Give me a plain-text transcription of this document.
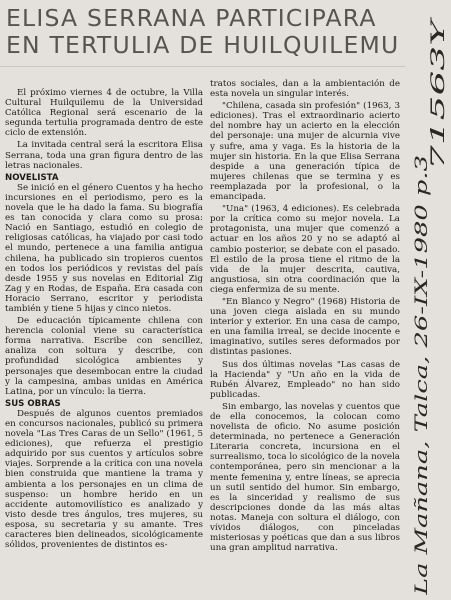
ELISA SERRANA PARTICIPARA
EN TERTULIA DE HUILQUILEMU

El próximo viernes 4 de octubre, la Villa Cultural Huilquilemu de la Universidad Católica Regional será escenario de la segunda tertulia programada dentro de este ciclo de extensión.

La invitada central será la escritora Elisa Serrana, toda una gran figura dentro de las letras nacionales.

NOVELISTA

Se inició en el género Cuentos y ha hecho incursiones en el periodismo, pero es la novela que le ha dado la fama. Su biografía es tan conocida y clara como su prosa: Nació en Santiago, estudió en colegio de religiosas católicas, ha viajado por casi todo el mundo, pertenece a una familia antigua chilena, ha publicado sin tropieros cuentos en todos los periódicos y revistas del país desde 1955 y sus novelas en Editorial Zig Zag y en Rodas, de España. Era casada con Horacio Serrano, escritor y periodista también y tiene 5 hijas y cinco nietos.

De educación típicamente chilena con herencia colonial viene su característica forma narrativa. Escribe con sencillez, analiza con soltura y describe, con profundidad sicológica ambientes y personajes que desembocan entre la ciudad y la campesina, ambas unidas en América Latina, por un vínculo: la tierra.

SUS OBRAS

Después de algunos cuentos premiados en concursos nacionales, publicó su primera novela "Las Tres Caras de un Sello" (1961, 5 ediciones), que refuerza el prestigio adquirido por sus cuentos y artículos sobre viajes. Sorprende a la crítica con una novela bien construida que mantiene la trama y ambienta a los personajes en un clima de suspenso: un hombre herido en un accidente automovilístico es analizado y visto desde tres ángulos, tres mujeres, su esposa, su secretaria y su amante. Tres caracteres bien delineados, sicológicamente sólidos, provenientes de distintos es-

tratos sociales, dan a la ambientación de esta novela un singular interés.

"Chilena, casada sin profesión" (1963, 3 ediciones). Tras el extraordinario acierto del nombre hay un acierto en la elección del personaje: una mujer de alcurnia vive y sufre, ama y vaga. Es la historia de la mujer sin historia. En la que Elisa Serrana despide a una generación típica de mujeres chilenas que se termina y es reemplazada por la profesional, o la emancipada.

"Una" (1963, 4 ediciones). Es celebrada por la crítica como su mejor novela. La protagonista, una mujer que comenzó a actuar en los años 20 y no se adaptó al cambio posterior, se debate con el pasado. El estilo de la prosa tiene el ritmo de la vida de la mujer descrita, cautiva, angustiosa, sin otra coordinación que la ciega enfermiza de su mente.

"En Blanco y Negro" (1968) Historia de una joven ciega aislada en su mundo interior y exterior. En una casa de campo, en una familia irreal, se decide inocente e imaginativo, sutiles seres deformados por distintas pasiones.

Sus dos últimas novelas "Las casas de la Hacienda" y "Un año en la vida de Rubén Álvarez, Empleado" no han sido publicadas.

Sin embargo, las novelas y cuentos que de ella conocemos, la colocan como novelista de oficio. No asume posición determinada, no pertenece a Generación Literaria concreta, incursiona en el surrealismo, toca lo sicológico de la novela contemporánea, pero sin mencionar a la mente femenina y, entre líneas, se aprecia un sutil sentido del humor. Sin embargo, es la sinceridad y realismo de sus descripciones donde da las más altas notas. Maneja con soltura el diálogo, con vívidos diálogos, con pinceladas misteriosas y poéticas que dan a sus libros una gran amplitud narrativa.	La Mañana, Talca, 26-IX-1980 p.3
71563Y
